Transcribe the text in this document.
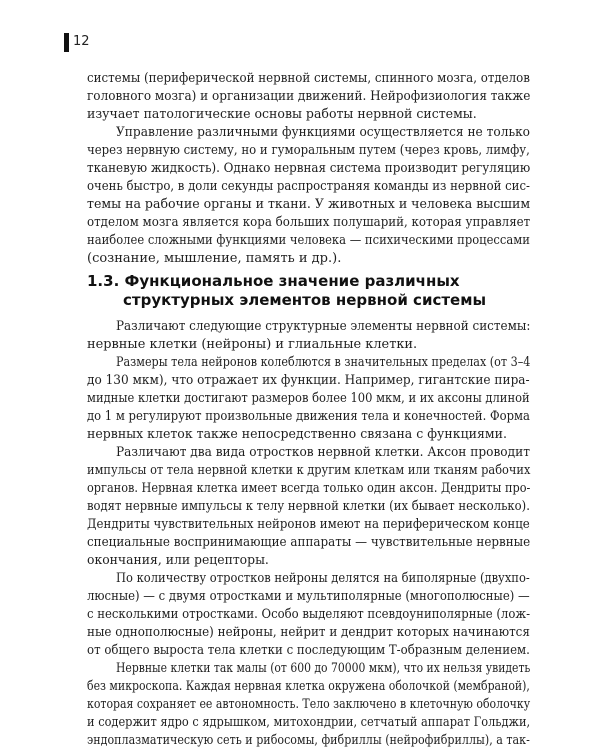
12
системы (периферической нервной системы, спинного мозга, отделов
головного мозга) и организации движений. Нейрофизиология также
изучает патологические основы работы нервной системы.
Управление различными функциями осуществляется не только
через нервную систему, но и гуморальным путем (через кровь, лимфу,
тканевую жидкость). Однако нервная система производит регуляцию
очень быстро, в доли секунды распространяя команды из нервной сис-
темы на рабочие органы и ткани. У животных и человека высшим
отделом мозга является кора больших полушарий, которая управляет
наиболее сложными функциями человека — психическими процессами
(сознание, мышление, память и др.).
1.3. Функциональное значение различных
структурных элементов нервной системы
Различают следующие структурные элементы нервной системы:
нервные клетки (нейроны) и глиальные клетки.
Размеры тела нейронов колеблются в значительных пределах (от 3–4
до 130 мкм), что отражает их функции. Например, гигантские пира-
мидные клетки достигают размеров более 100 мкм, и их аксоны длиной
до 1 м регулируют произвольные движения тела и конечностей. Форма
нервных клеток также непосредственно связана с функциями.
Различают два вида отростков нервной клетки. Аксон проводит
импульсы от тела нервной клетки к другим клеткам или тканям рабочих
органов. Нервная клетка имеет всегда только один аксон. Дендриты про-
водят нервные импульсы к телу нервной клетки (их бывает несколько).
Дендриты чувствительных нейронов имеют на периферическом конце
специальные воспринимающие аппараты — чувствительные нервные
окончания, или рецепторы.
По количеству отростков нейроны делятся на биполярные (двухпо-
люсные) — с двумя отростками и мультиполярные (многополюсные) —
с несколькими отростками. Особо выделяют псевдоуниполярные (лож-
ные однополюсные) нейроны, нейрит и дендрит которых начинаются
от общего выроста тела клетки с последующим Т-образным делением.
Нервные клетки так малы (от 600 до 70000 мкм), что их нельзя увидеть
без микроскопа. Каждая нервная клетка окружена оболочкой (мембраной),
которая сохраняет ее автономность. Тело заключено в клеточную оболочку
и содержит ядро с ядрышком, митохондрии, сетчатый аппарат Гольджи,
эндоплазматическую сеть и рибосомы, фибриллы (нейрофибриллы), а так-
